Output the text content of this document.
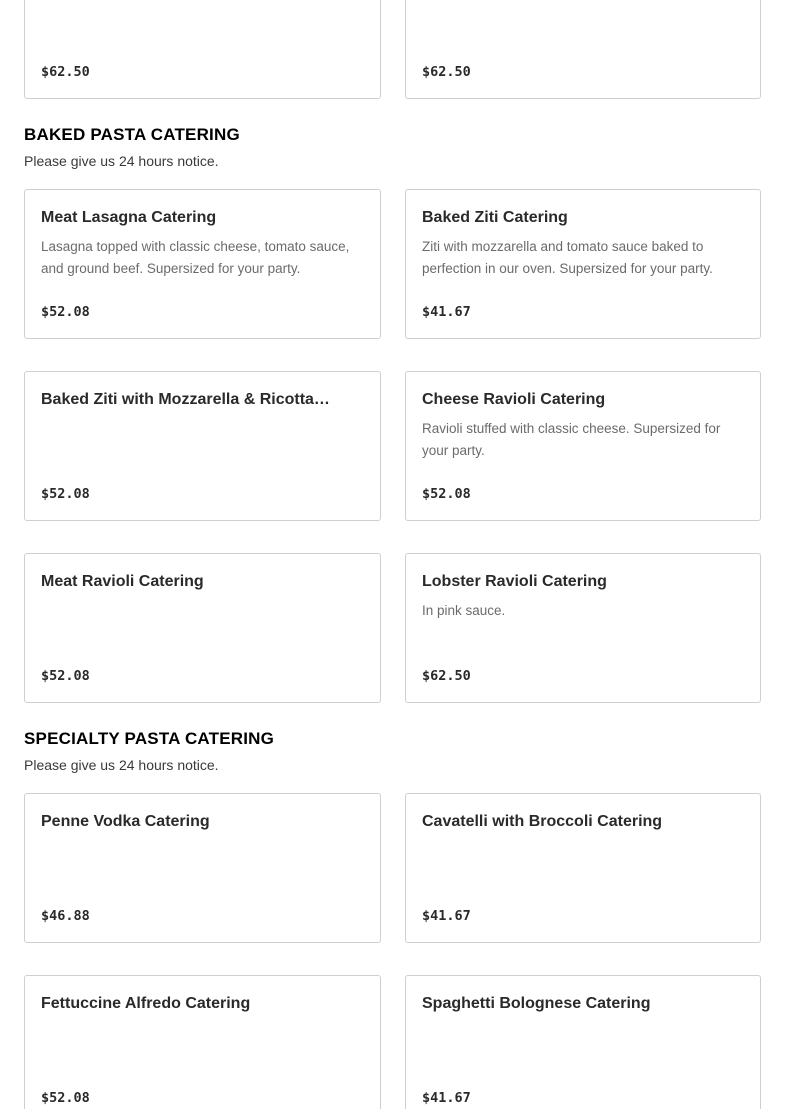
$62.50	$62.50
BAKED PASTA CATERING

Please give us 24 hours notice.

Meat Lasagna Catering
Lasagna topped with classic cheese, tomato sauce, and ground beef. Supersized for your party.
$52.08
Baked Ziti Catering
Ziti with mozzarella and tomato sauce baked to perfection in our oven. Supersized for your party.
$41.67
Baked Ziti with Mozzarella & Ricotta…
$52.08
Cheese Ravioli Catering
Ravioli stuffed with classic cheese. Supersized for your party.
$52.08
Meat Ravioli Catering
$52.08
Lobster Ravioli Catering
In pink sauce.
$62.50
SPECIALTY PASTA CATERING

Please give us 24 hours notice.

Penne Vodka Catering
$46.88
Cavatelli with Broccoli Catering
$41.67
Fettuccine Alfredo Catering
$52.08
Spaghetti Bolognese Catering
$41.67
